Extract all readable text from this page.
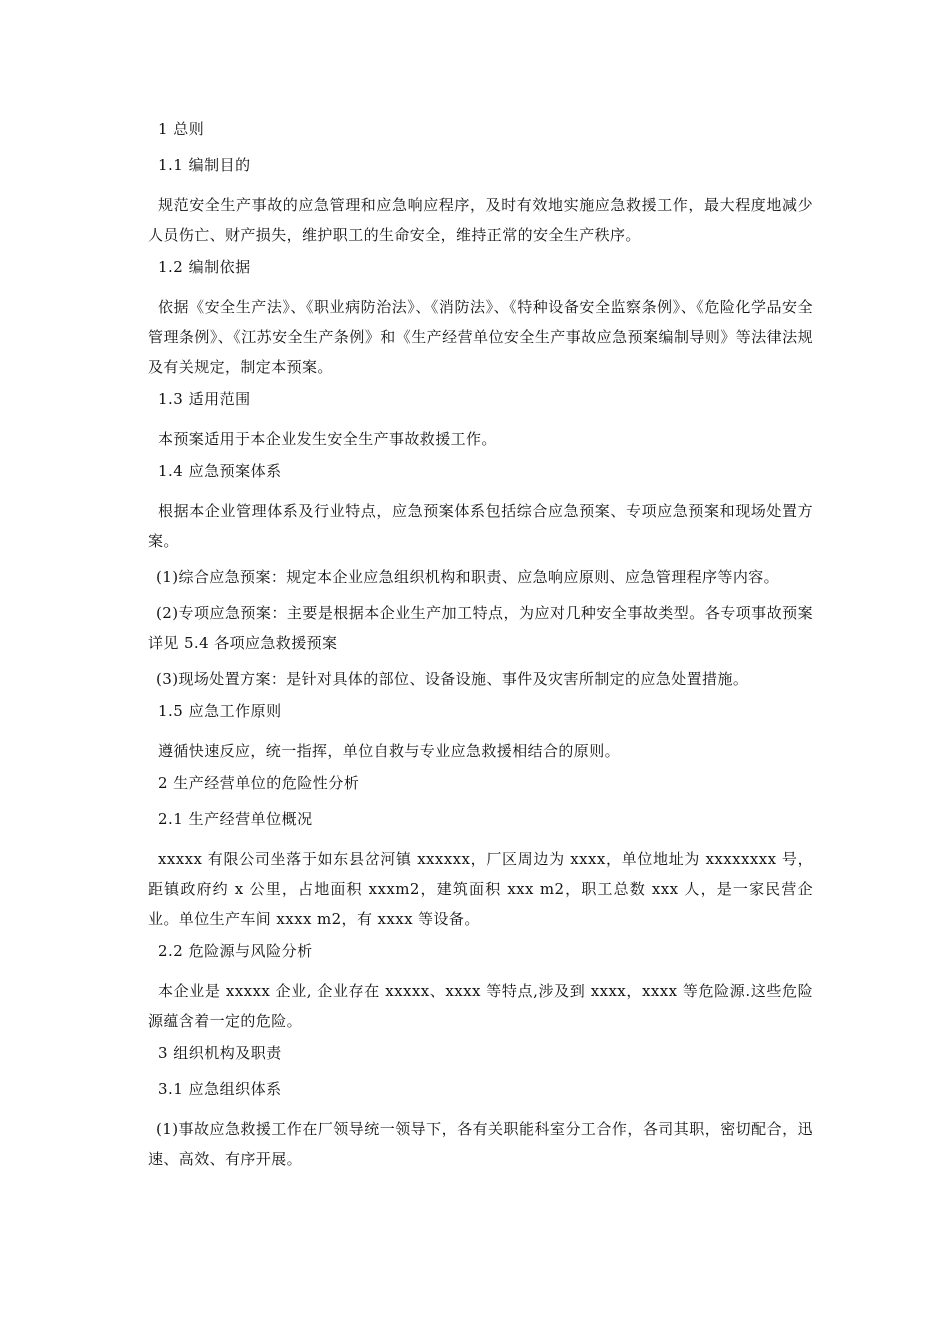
1 总则
1.1 编制目的
规范安全生产事故的应急管理和应急响应程序，及时有效地实施应急救援工作，最大程度地减少人员伤亡、财产损失，维护职工的生命安全，维持正常的安全生产秩序。
1.2 编制依据
依据《安全生产法》、《职业病防治法》、《消防法》、《特种设备安全监察条例》、《危险化学品安全管理条例》、《江苏安全生产条例》和《生产经营单位安全生产事故应急预案编制导则》等法律法规及有关规定，制定本预案。
1.3 适用范围
本预案适用于本企业发生安全生产事故救援工作。
1.4 应急预案体系
根据本企业管理体系及行业特点，应急预案体系包括综合应急预案、专项应急预案和现场处置方案。
(1)综合应急预案：规定本企业应急组织机构和职责、应急响应原则、应急管理程序等内容。
(2)专项应急预案：主要是根据本企业生产加工特点，为应对几种安全事故类型。各专项事故预案详见 5.4 各项应急救援预案
(3)现场处置方案：是针对具体的部位、设备设施、事件及灾害所制定的应急处置措施。
1.5 应急工作原则
遵循快速反应，统一指挥，单位自救与专业应急救援相结合的原则。
2 生产经营单位的危险性分析
2.1 生产经营单位概况
xxxxx 有限公司坐落于如东县岔河镇 xxxxxx，厂区周边为 xxxx，单位地址为 xxxxxxxx 号，距镇政府约 x 公里，占地面积 xxxm2，建筑面积 xxx m2，职工总数 xxx 人，是一家民营企业。单位生产车间 xxxx m2，有 xxxx 等设备。
2.2 危险源与风险分析
本企业是 xxxxx 企业, 企业存在 xxxxx、xxxx 等特点,涉及到 xxxx，xxxx 等危险源.这些危险源蕴含着一定的危险。
3 组织机构及职责
3.1 应急组织体系
(1)事故应急救援工作在厂领导统一领导下，各有关职能科室分工合作，各司其职，密切配合，迅速、高效、有序开展。
